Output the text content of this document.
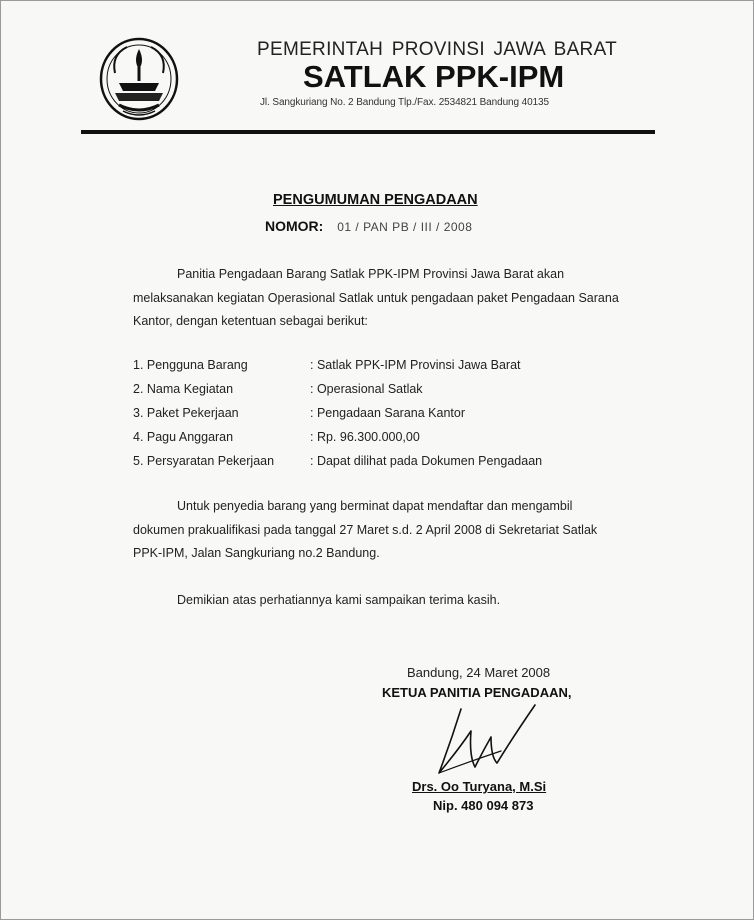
PEMERINTAH PROVINSI JAWA BARAT
SATLAK PPK-IPM
Jl. Sangkuriang No. 2 Bandung Tlp./Fax. 2534821 Bandung 40135
PENGUMUMAN PENGADAAN
NOMOR: 01 / PAN PB / III / 2008
Panitia Pengadaan Barang Satlak PPK-IPM Provinsi Jawa Barat akan
melaksanakan kegiatan Operasional Satlak untuk pengadaan paket Pengadaan Sarana
Kantor, dengan ketentuan sebagai berikut:
1. Pengguna Barang	: Satlak PPK-IPM Provinsi Jawa Barat
2. Nama Kegiatan	: Operasional Satlak
3. Paket Pekerjaan	: Pengadaan Sarana Kantor
4. Pagu Anggaran	: Rp. 96.300.000,00
5. Persyaratan Pekerjaan	: Dapat dilihat pada Dokumen Pengadaan
Untuk penyedia barang yang berminat dapat mendaftar dan mengambil
dokumen prakualifikasi pada tanggal 27 Maret s.d. 2 April 2008 di Sekretariat Satlak
PPK-IPM, Jalan Sangkuriang no.2 Bandung.
Demikian atas perhatiannya kami sampaikan terima kasih.
Bandung, 24 Maret 2008
KETUA PANITIA PENGADAAN,
Drs. Oo Turyana, M.Si
Nip. 480 094 873
